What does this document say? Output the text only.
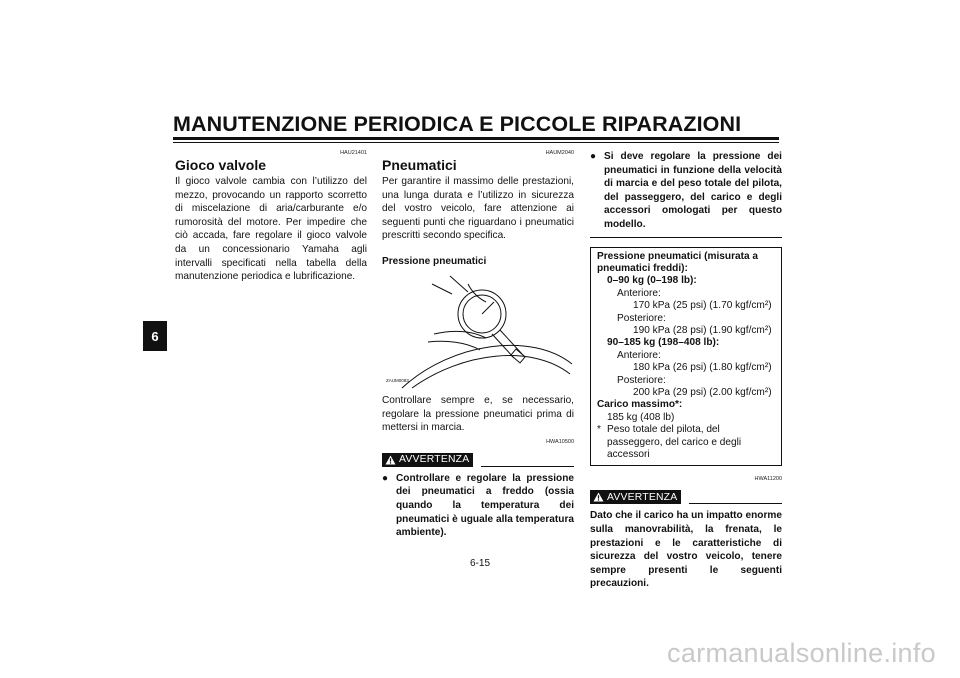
MANUTENZIONE PERIODICA E PICCOLE RIPARAZIONI
6
HAU21401
Gioco valvole

Il gioco valvole cambia con l’utilizzo del mezzo, provocando un rapporto scorretto di miscelazione di aria/carburante e/o rumorosità del motore. Per impedire che ciò accada, fare regolare il gioco valvole da un concessionario Yamaha agli intervalli specificati nella tabella della manutenzione periodica e lubrificazione.

HAUM2040
Pneumatici

Per garantire il massimo delle prestazioni, una lunga durata e l’utilizzo in sicurezza del vostro veicolo, fare attenzione ai seguenti punti che riguardano i pneumatici prescritti secondo specifica.

Pressione pneumatici

ZAUM0083

Controllare sempre e, se necessario, regolare la pressione pneumatici prima di mettersi in marcia.

HWA10500
AVVERTENZA
● Controllare e regolare la pressione dei pneumatici a freddo (ossia quando la temperatura dei pneumatici è uguale alla temperatura ambiente).
● Si deve regolare la pressione dei pneumatici in funzione della velocità di marcia e del peso totale del pilota, del passeggero, del carico e degli accessori omologati per questo modello.
Pressione pneumatici (misurata a pneumatici freddi):
0–90 kg (0–198 lb):
Anteriore:
170 kPa (25 psi) (1.70 kgf/cm²)
Posteriore:
190 kPa (28 psi) (1.90 kgf/cm²)
90–185 kg (198–408 lb):
Anteriore:
180 kPa (26 psi) (1.80 kgf/cm²)
Posteriore:
200 kPa (29 psi) (2.00 kgf/cm²)
Carico massimo*:
185 kg (408 lb)
* Peso totale del pilota, del passeggero, del carico e degli accessori
HWA11200
AVVERTENZA

Dato che il carico ha un impatto enorme sulla manovrabilità, la frenata, le prestazioni e le caratteristiche di sicurezza del vostro veicolo, tenere sempre presenti le seguenti precauzioni.

6-15
carmanualsonline.info
